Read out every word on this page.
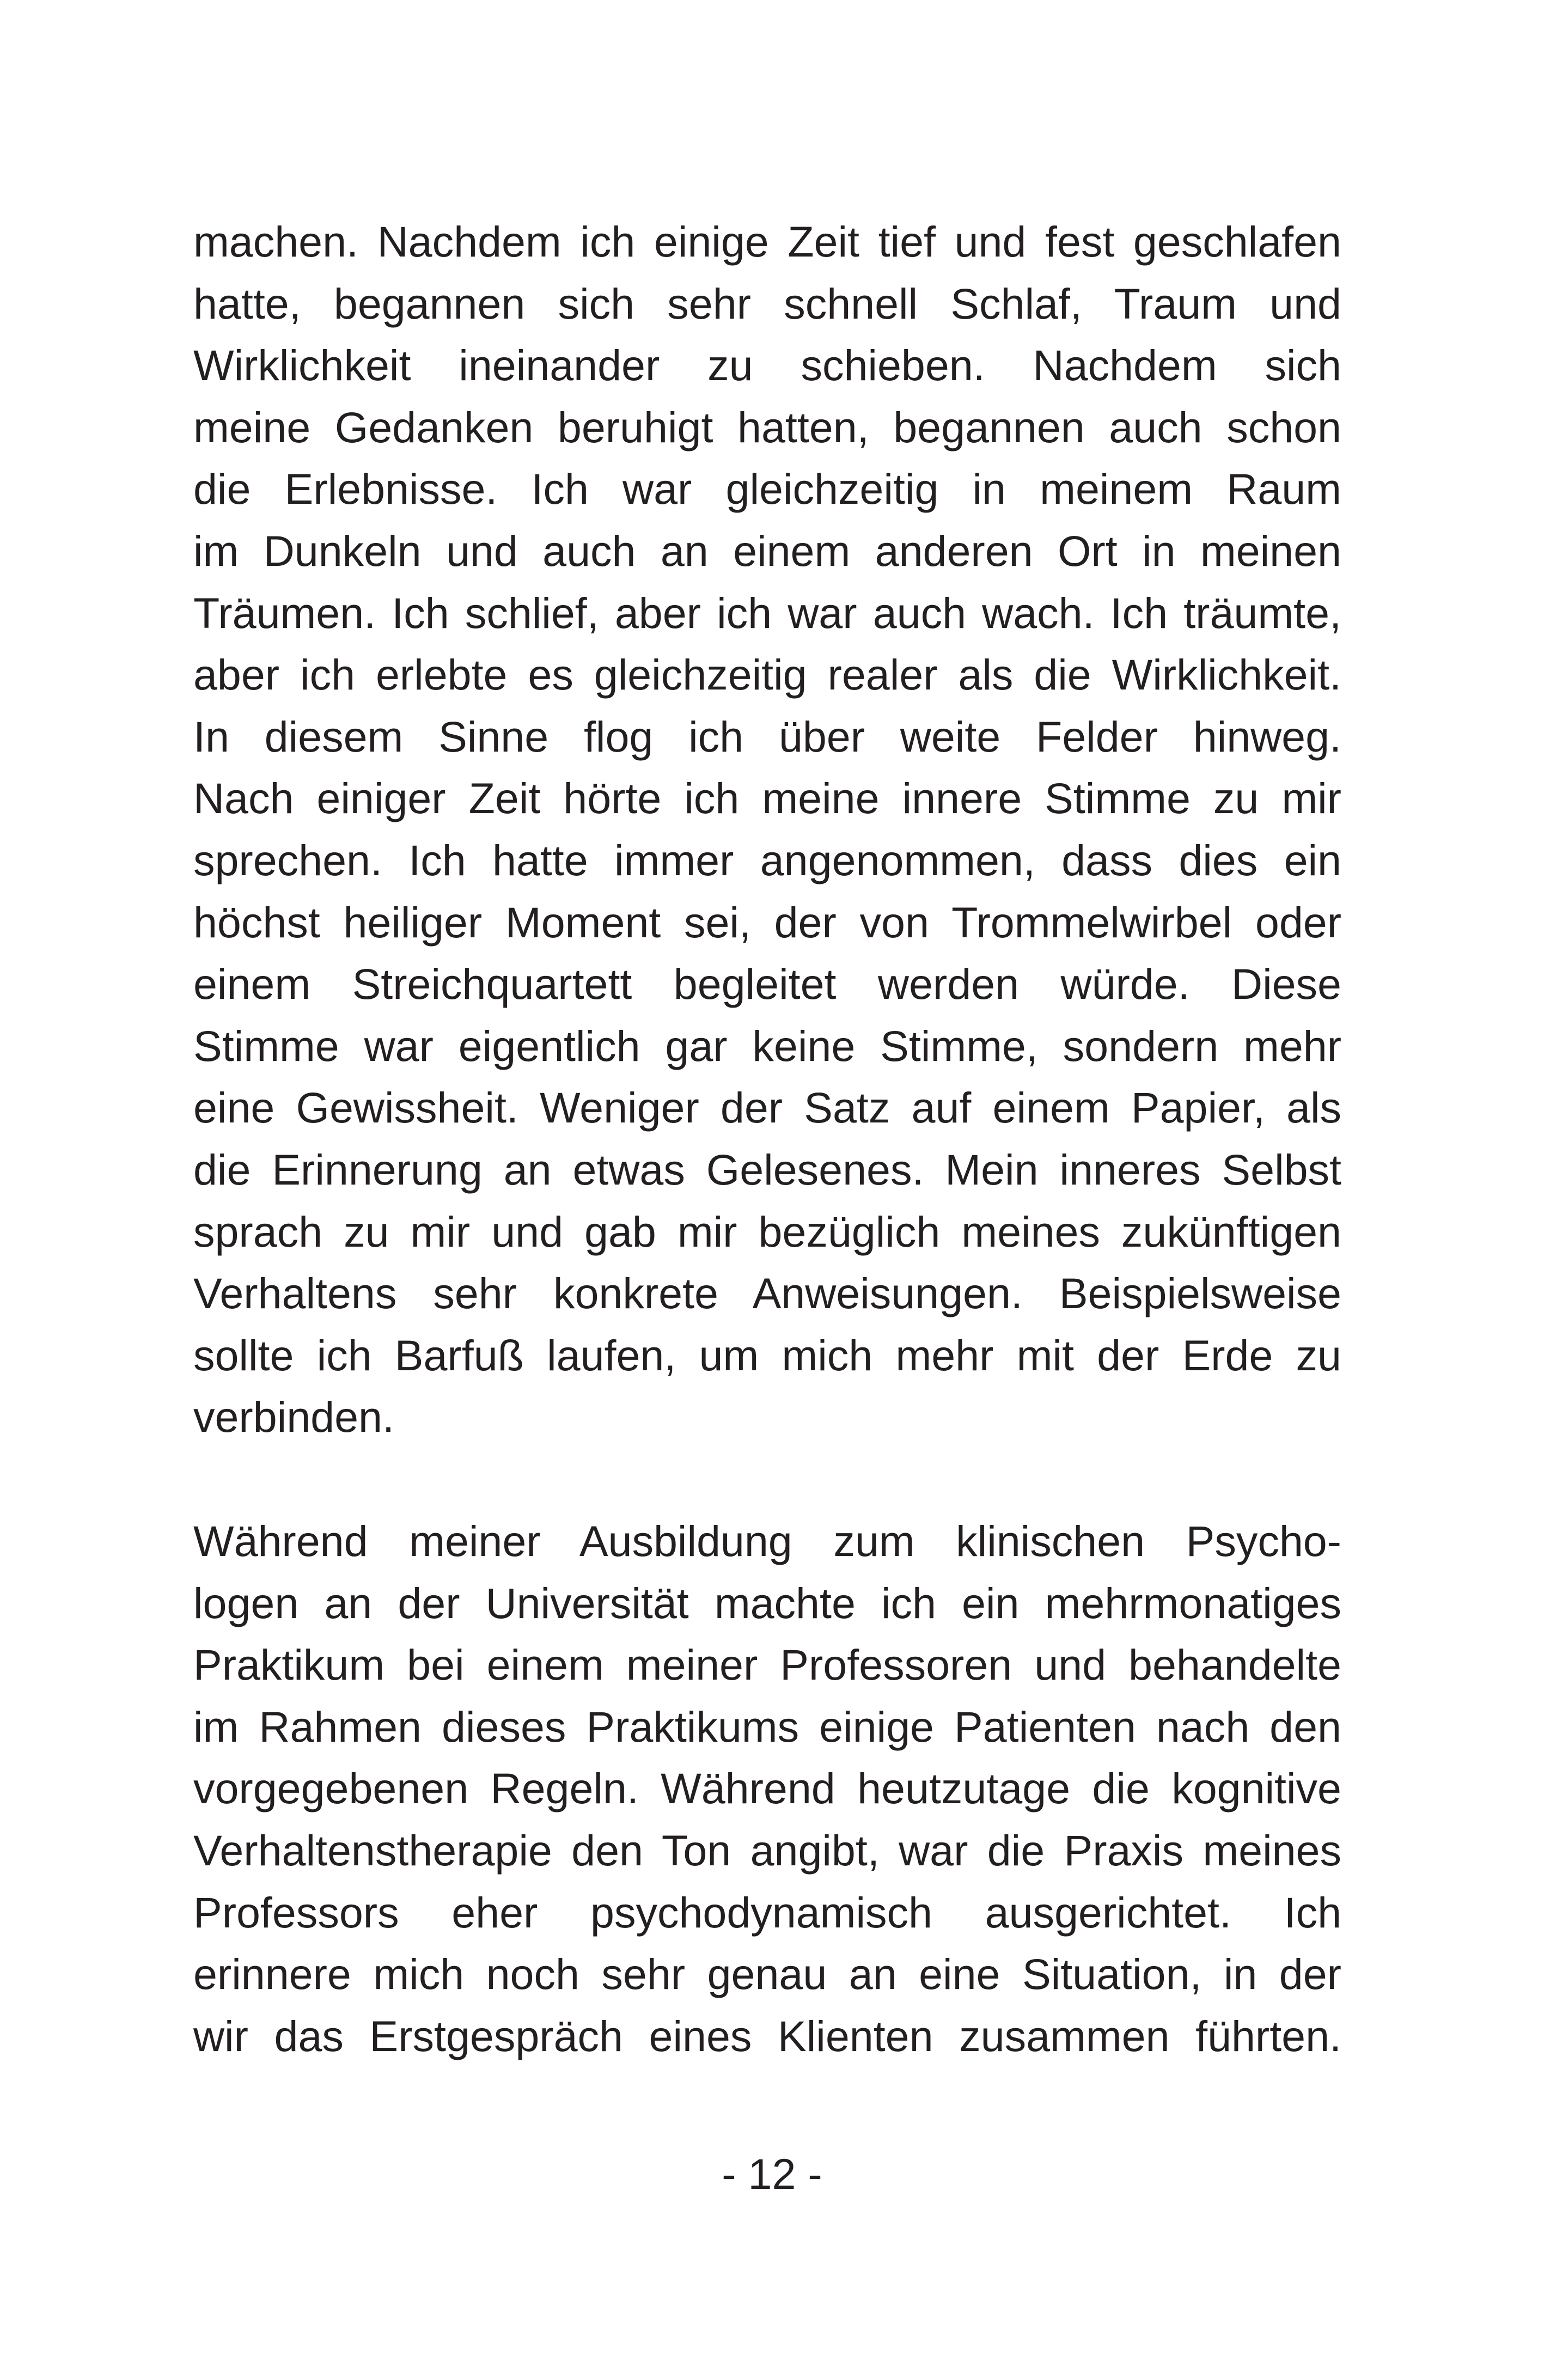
machen. Nachdem ich einige Zeit tief und fest geschlafen
hatte, begannen sich sehr schnell Schlaf, Traum und
Wirklichkeit ineinander zu schieben. Nachdem sich
meine Gedanken beruhigt hatten, begannen auch schon
die Erlebnisse. Ich war gleichzeitig in meinem Raum
im Dunkeln und auch an einem anderen Ort in meinen
Träumen. Ich schlief, aber ich war auch wach. Ich träumte,
aber ich erlebte es gleichzeitig realer als die Wirklichkeit.
In diesem Sinne flog ich über weite Felder hinweg.
Nach einiger Zeit hörte ich meine innere Stimme zu mir
sprechen. Ich hatte immer angenommen, dass dies ein
höchst heiliger Moment sei, der von Trommelwirbel oder
einem Streichquartett begleitet werden würde. Diese
Stimme war eigentlich gar keine Stimme, sondern mehr
eine Gewissheit. Weniger der Satz auf einem Papier, als
die Erinnerung an etwas Gelesenes. Mein inneres Selbst
sprach zu mir und gab mir bezüglich meines zukünftigen
Verhaltens sehr konkrete Anweisungen. Beispielsweise
sollte ich Barfuß laufen, um mich mehr mit der Erde zu
verbinden.
Während meiner Ausbildung zum klinischen Psycho-
logen an der Universität machte ich ein mehrmonatiges
Praktikum bei einem meiner Professoren und behandelte
im Rahmen dieses Praktikums einige Patienten nach den
vorgegebenen Regeln. Während heutzutage die kognitive
Verhaltenstherapie den Ton angibt, war die Praxis meines
Professors eher psychodynamisch ausgerichtet. Ich
erinnere mich noch sehr genau an eine Situation, in der
wir das Erstgespräch eines Klienten zusammen führten.
- 12 -
